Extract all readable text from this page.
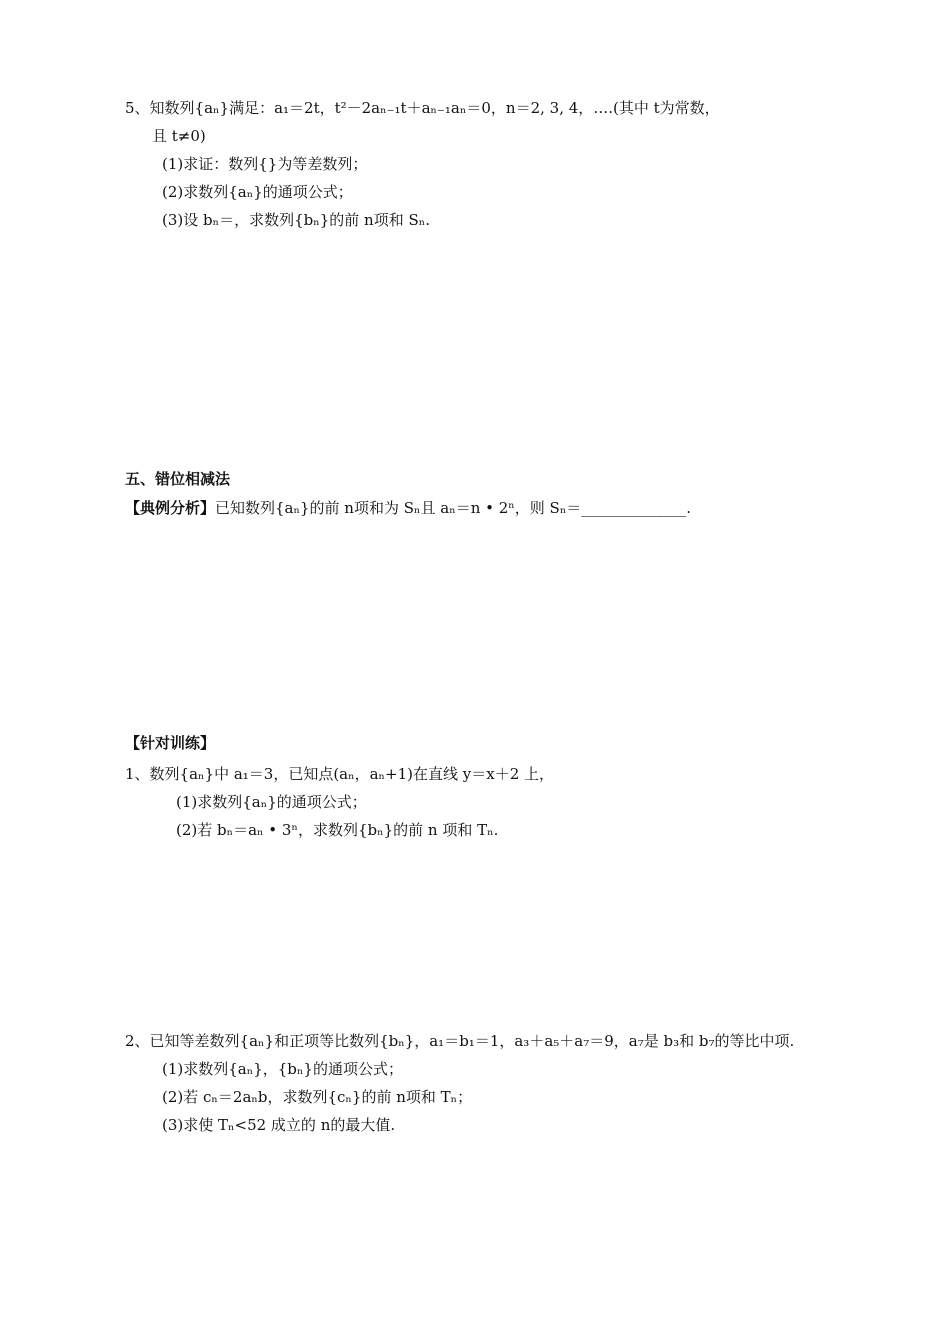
5、知数列{aₙ}满足：a₁＝2t，t²－2aₙ₋₁t＋aₙ₋₁aₙ＝0，n＝2, 3, 4，….(其中 t为常数，
且 t≠0)
(1)求证：数列{}为等差数列；
(2)求数列{aₙ}的通项公式；
(3)设 bₙ＝，求数列{bₙ}的前 n项和 Sₙ.
五、错位相减法
【典例分析】已知数列{aₙ}的前 n项和为 Sₙ且 aₙ＝n • 2ⁿ，则 Sₙ＝______________.
【针对训练】
1、数列{aₙ}中 a₁＝3，已知点(aₙ，aₙ+1)在直线 y＝x＋2 上，
(1)求数列{aₙ}的通项公式；
(2)若 bₙ＝aₙ • 3ⁿ，求数列{bₙ}的前 n 项和 Tₙ.
2、已知等差数列{aₙ}和正项等比数列{bₙ}，a₁＝b₁＝1，a₃＋a₅＋a₇＝9，a₇是 b₃和 b₇的等比中项.
(1)求数列{aₙ}，{bₙ}的通项公式；
(2)若 cₙ＝2aₙb，求数列{cₙ}的前 n项和 Tₙ；
(3)求使 Tₙ<52 成立的 n的最大值.
